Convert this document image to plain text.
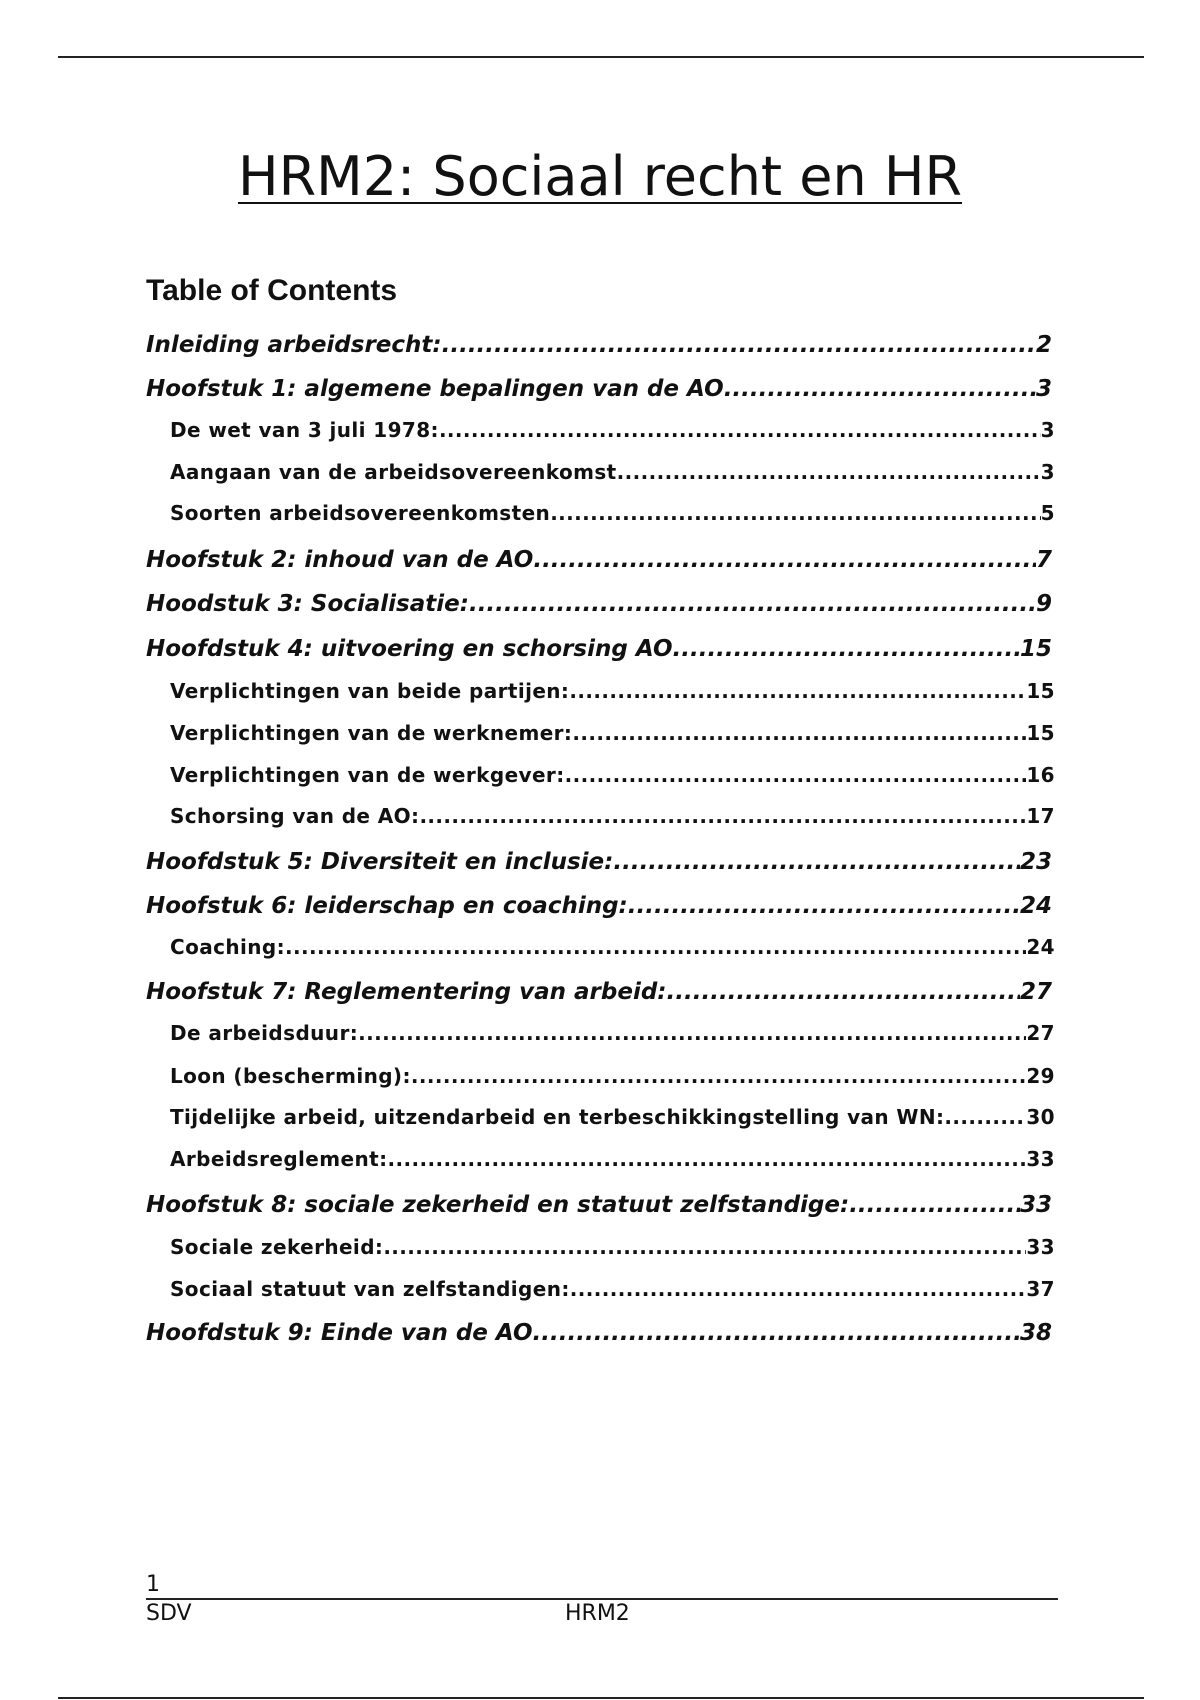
HRM2: Sociaal recht en HR
Table of Contents
Inleiding arbeidsrecht: .....	2
Hoofstuk 1: algemene bepalingen van de AO .....	3
De wet van 3 juli 1978: .....	3
Aangaan van de arbeidsovereenkomst .....	3
Soorten arbeidsovereenkomsten .....	5
Hoofstuk 2: inhoud van de AO .....	7
Hoodstuk 3: Socialisatie: .....	9
Hoofdstuk 4: uitvoering en schorsing AO .....	15
Verplichtingen van beide partijen: .....	15
Verplichtingen van de werknemer: .....	15
Verplichtingen van de werkgever: .....	16
Schorsing van de AO: .....	17
Hoofdstuk 5: Diversiteit en inclusie: .....	23
Hoofstuk 6: leiderschap en coaching: .....	24
Coaching: .....	24
Hoofstuk 7: Reglementering van arbeid: .....	27
De arbeidsduur: .....	27
Loon (bescherming): .....	29
Tijdelijke arbeid, uitzendarbeid en terbeschikkingstelling van WN: .....	30
Arbeidsreglement: .....	33
Hoofstuk 8: sociale zekerheid en statuut zelfstandige: .....	33
Sociale zekerheid: .....	33
Sociaal statuut van zelfstandigen: .....	37
Hoofdstuk 9: Einde van de AO .....	38
1
SDV	HRM2
